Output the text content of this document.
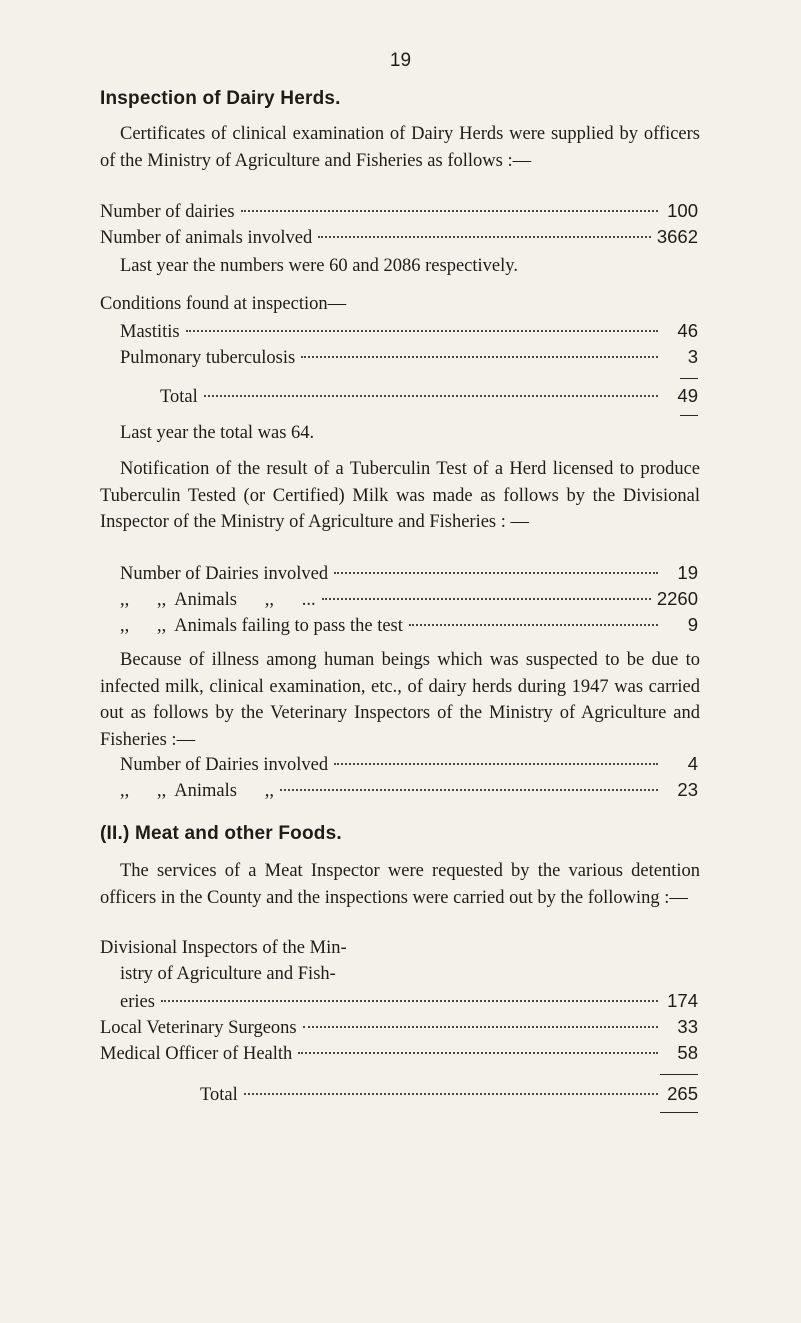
19
Inspection of Dairy Herds.

Certificates of clinical examination of Dairy Herds were supplied by officers of the Ministry of Agriculture and Fisheries as follows :—

Number of dairies	100
Number of animals involved	3662
Last year the numbers were 60 and 2086 respectively.
Conditions found at inspection—
Mastitis	46
Pulmonary tuberculosis	3
Total	49
Last year the total was 64.

Notification of the result of a Tuberculin Test of a Herd licensed to produce Tuberculin Tested (or Certified) Milk was made as follows by the Divisional Inspector of the Ministry of Agriculture and Fisheries : —

Number of Dairies involved	19
,,      ,, Animals      ,,      ...	2260
,,      ,, Animals failing to pass the test	9

Because of illness among human beings which was suspected to be due to infected milk, clinical examination, etc., of dairy herds during 1947 was carried out as follows by the Veterinary Inspectors of the Ministry of Agriculture and Fisheries :—

Number of Dairies involved	4
,,      ,, Animals      ,,	23
(II.) Meat and other Foods.

The services of a Meat Inspector were requested by the various detention officers in the County and the inspections were carried out by the following :—

Divisional Inspectors of the Min-
istry of Agriculture and Fish-
eries	174
Local Veterinary Surgeons	33
Medical Officer of Health	58
Total	265
